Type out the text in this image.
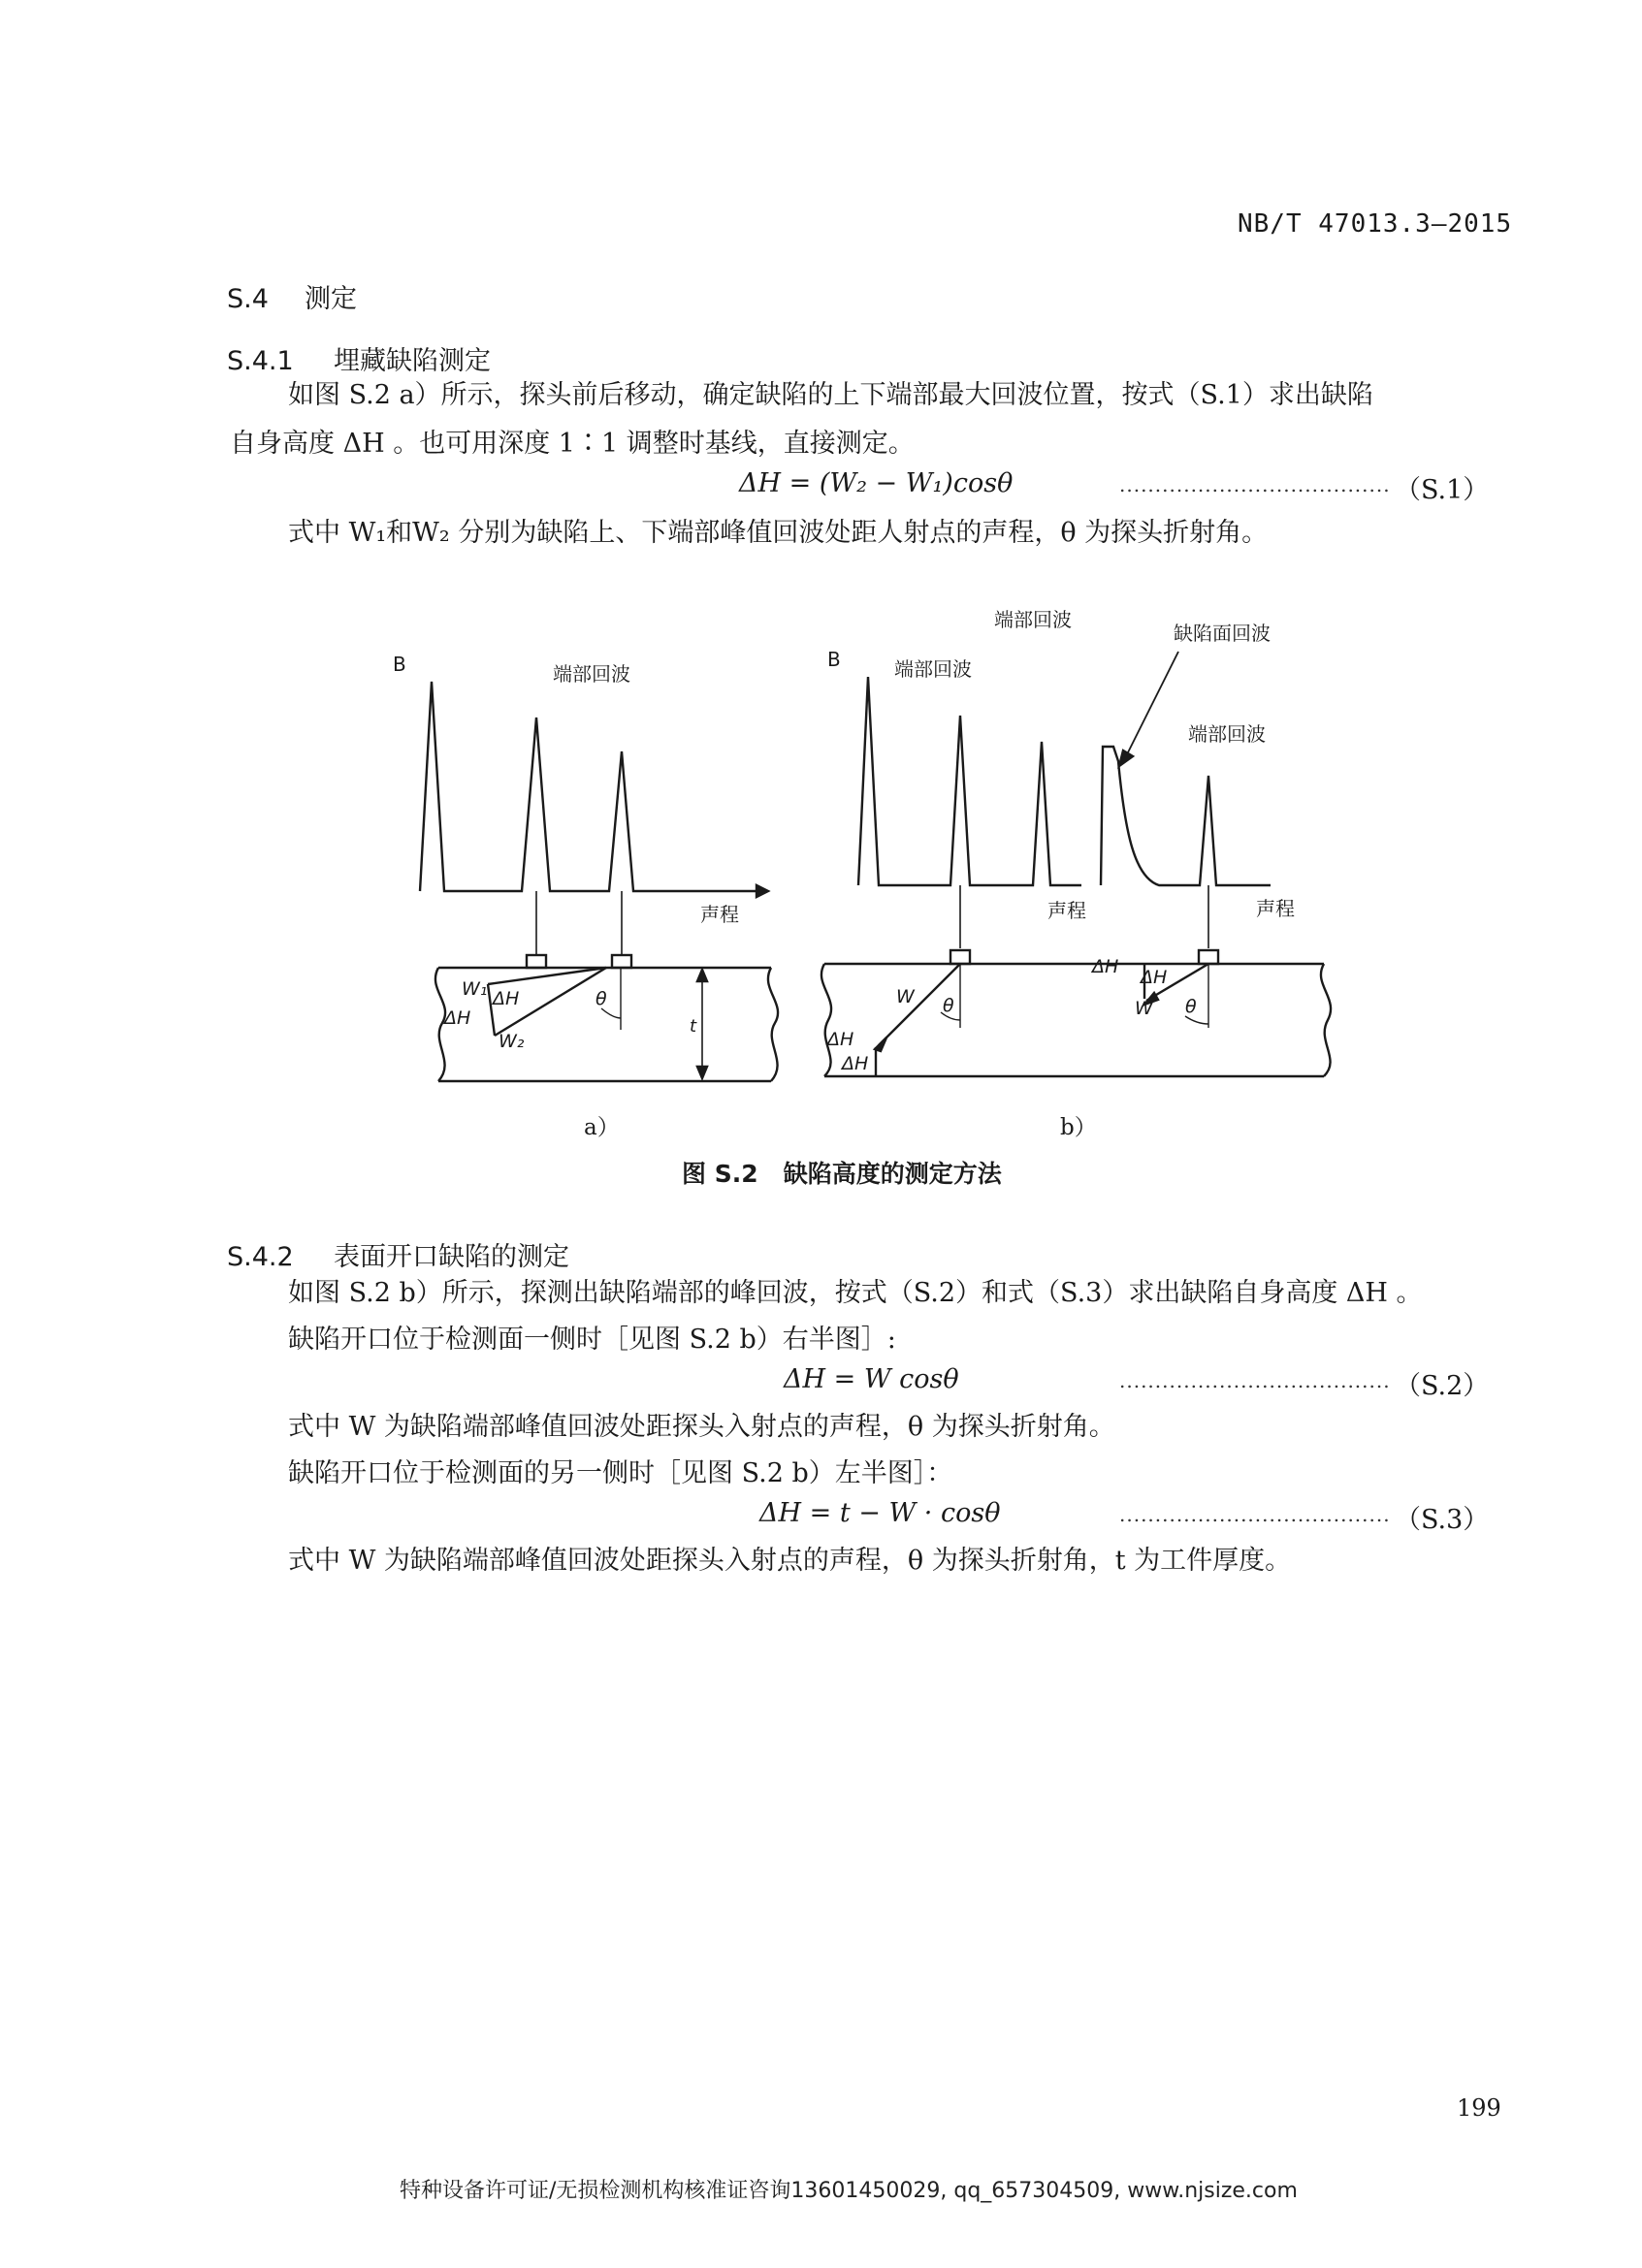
NB/T 47013.3—2015
S.4 测定
S.4.1 埋藏缺陷测定
如图 S.2 a）所示，探头前后移动，确定缺陷的上下端部最大回波位置，按式（S.1）求出缺陷
自身高度 ΔH 。也可用深度 1∶1 调整时基线，直接测定。
ΔH = (W₂ − W₁)cosθ	...................................... （S.1）
式中 W₁和W₂ 分别为缺陷上、下端部峰值回波处距人射点的声程，θ 为探头折射角。
B	端部回波
声程
W₁ ΔH
ΔH
W₂
θ
t
B
端部回波
端部回波
缺陷面回波
端部回波
声程	声程
W θ
ΔH
ΔH
ΔH ΔH
W θ
a）	b）
图 S.2 缺陷高度的测定方法
S.4.2 表面开口缺陷的测定
如图 S.2 b）所示，探测出缺陷端部的峰回波，按式（S.2）和式（S.3）求出缺陷自身高度 ΔH 。
缺陷开口位于检测面一侧时［见图 S.2 b）右半图］:
ΔH = W cosθ	...................................... （S.2）
式中 W 为缺陷端部峰值回波处距探头入射点的声程，θ 为探头折射角。
缺陷开口位于检测面的另一侧时［见图 S.2 b）左半图］：
ΔH = t − W · cosθ	...................................... （S.3）
式中 W 为缺陷端部峰值回波处距探头入射点的声程，θ 为探头折射角，t 为工件厚度。
199
特种设备许可证/无损检测机构核准证咨询13601450029, qq_657304509, www.njsize.com
